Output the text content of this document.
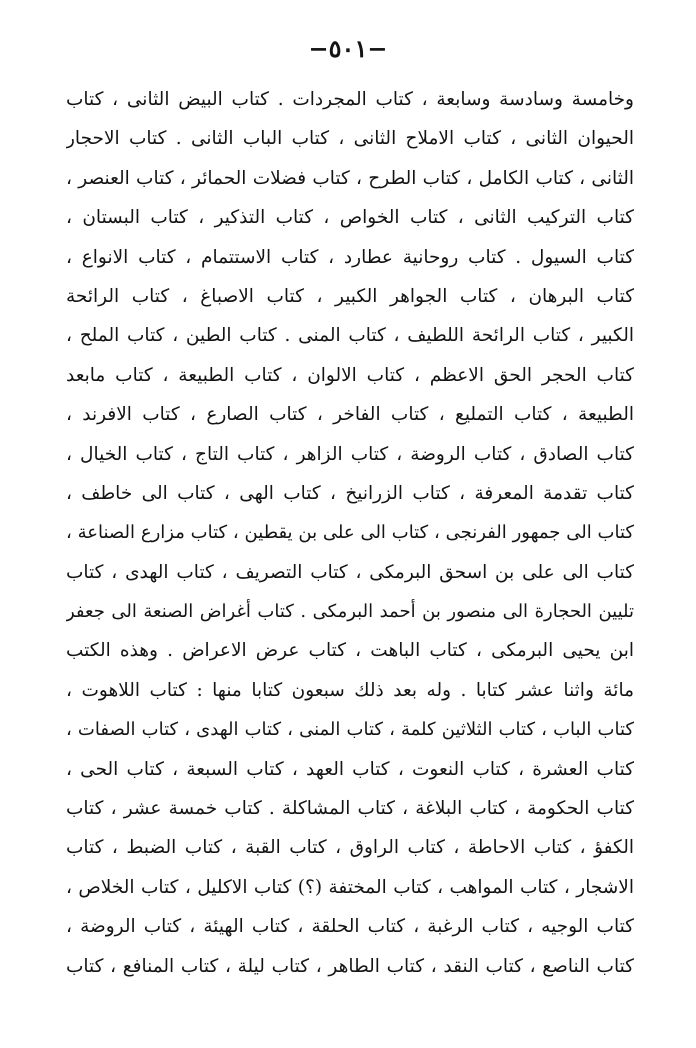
−٥٠١−
وخامسة وسادسة وسابعة ، كتاب المجردات . كتاب البيض الثانى ، كتاب
الحيوان الثانى ، كتاب الاملاح الثانى ، كتاب الباب الثانى . كتاب الاحجار
الثانى ، كتاب الكامل ، كتاب الطرح ، كتاب فضلات الحمائر ، كتاب العنصر ،
كتاب التركيب الثانى ، كتاب الخواص ، كتاب التذكير ، كتاب البستان ،
كتاب السيول . كتاب روحانية عطارد ، كتاب الاستتمام ، كتاب الانواع ،
كتاب البرهان ، كتاب الجواهر الكبير ، كتاب الاصباغ ، كتاب الرائحة
الكبير ، كتاب الرائحة اللطيف ، كتاب المنى . كتاب الطين ، كتاب الملح ،
كتاب الحجر الحق الاعظم ، كتاب الالوان ، كتاب الطبيعة ، كتاب مابعد
الطبيعة ، كتاب التمليع ، كتاب الفاخر ، كتاب الصارع ، كتاب الافرند ،
كتاب الصادق ، كتاب الروضة ، كتاب الزاهر ، كتاب التاج ، كتاب الخيال ،
كتاب تقدمة المعرفة ، كتاب الزرانيخ ، كتاب الهى ، كتاب الى خاطف ،
كتاب الى جمهور الفرنجى ، كتاب الى على بن يقطين ، كتاب مزارع الصناعة ،
كتاب الى على بن اسحق البرمكى ، كتاب التصريف ، كتاب الهدى ، كتاب
تليين الحجارة الى منصور بن أحمد البرمكى . كتاب أغراض الصنعة الى جعفر
ابن يحيى البرمكى ، كتاب الباهت ، كتاب عرض الاعراض . وهذه الكتب
مائة واثنا عشر كتابا . وله بعد ذلك سبعون كتابا منها : كتاب اللاهوت ،
كتاب الباب ، كتاب الثلاثين كلمة ، كتاب المنى ، كتاب الهدى ، كتاب الصفات ،
كتاب العشرة ، كتاب النعوت ، كتاب العهد ، كتاب السبعة ، كتاب الحى ،
كتاب الحكومة ، كتاب البلاغة ، كتاب المشاكلة . كتاب خمسة عشر ، كتاب
الكفؤ ، كتاب الاحاطة ، كتاب الراوق ، كتاب القبة ، كتاب الضبط ، كتاب
الاشجار ، كتاب المواهب ، كتاب المختفة (؟) كتاب الاكليل ، كتاب الخلاص ،
كتاب الوجيه ، كتاب الرغبة ، كتاب الحلقة ، كتاب الهيئة ، كتاب الروضة ،
كتاب الناصع ، كتاب النقد ، كتاب الطاهر ، كتاب ليلة ، كتاب المنافع ، كتاب
